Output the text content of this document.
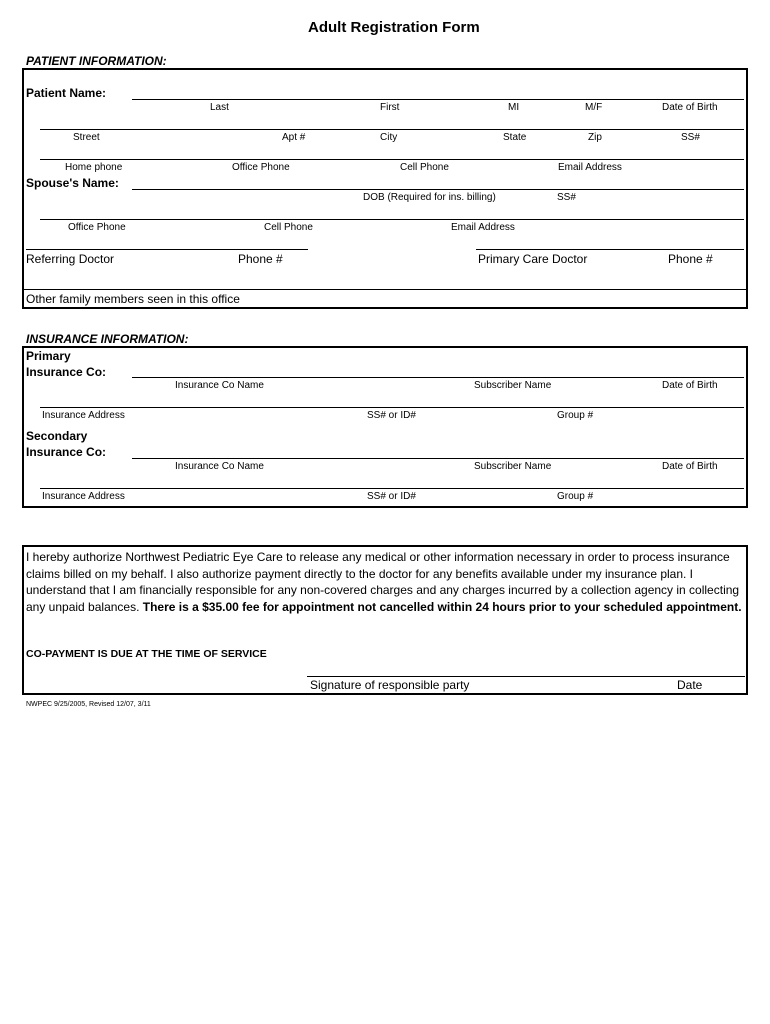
Adult Registration Form
PATIENT INFORMATION:
Patient Name:
Last	First	MI	M/F	Date of Birth
Street	Apt #	City	State	Zip	SS#
Home phone	Office Phone	Cell Phone	Email Address
Spouse's Name:
DOB (Required for ins. billing)	SS#
Office Phone	Cell Phone	Email Address
Referring Doctor	Phone #	Primary Care Doctor	Phone #
Other family members seen in this office
INSURANCE INFORMATION:
Primary
Insurance Co:
Insurance Co Name	Subscriber Name	Date of Birth
Insurance Address	SS# or ID#	Group #
Secondary
Insurance Co:
Insurance Co Name	Subscriber Name	Date of Birth
Insurance Address	SS# or ID#	Group #
I hereby authorize Northwest Pediatric Eye Care to release any medical or other information necessary in order to process insurance claims billed on my behalf. I also authorize payment directly to the doctor for any benefits available under my insurance plan. I understand that I am financially responsible for any non-covered charges and any charges incurred by a collection agency in collecting any unpaid balances. There is a $35.00 fee for appointment not cancelled within 24 hours prior to your scheduled appointment.
CO-PAYMENT IS DUE AT THE TIME OF SERVICE
Signature of responsible party	Date
NWPEC 9/25/2005, Revised 12/07, 3/11
